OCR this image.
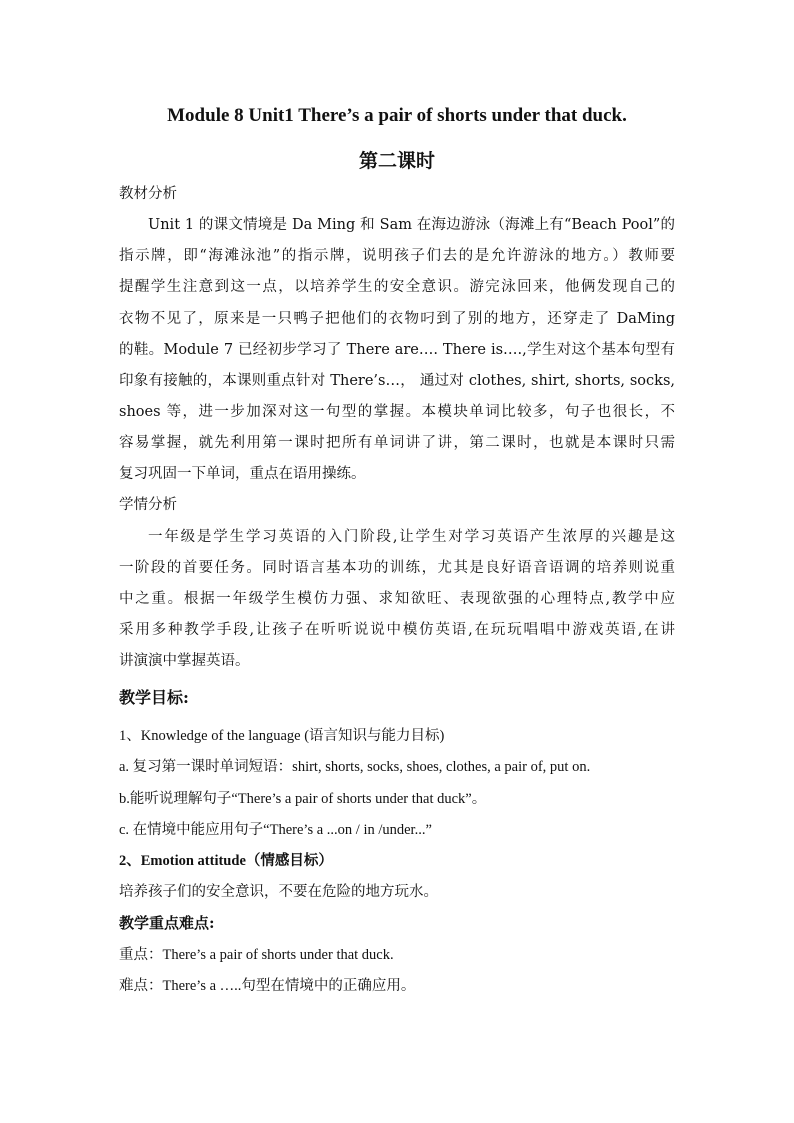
Module 8 Unit1 There’s a pair of shorts under that duck.
第二课时
教材分析
Unit 1 的课文情境是 Da Ming 和 Sam 在海边游泳（海滩上有“Beach Pool”的
指示牌，即“海滩泳池”的指示牌，说明孩子们去的是允许游泳的地方。）教师要
提醒学生注意到这一点，以培养学生的安全意识。游完泳回来，他俩发现自己的
衣物不见了，原来是一只鸭子把他们的衣物叼到了别的地方，还穿走了 DaMing
的鞋。Module 7 已经初步学习了 There are…. There is….,学生对这个基本句型有
印象有接触的，本课则重点针对 There’s…， 通过对 clothes, shirt, shorts, socks,
shoes 等，进一步加深对这一句型的掌握。本模块单词比较多，句子也很长，不
容易掌握，就先利用第一课时把所有单词讲了讲，第二课时，也就是本课时只需
复习巩固一下单词，重点在语用操练。
学情分析
一年级是学生学习英语的入门阶段,让学生对学习英语产生浓厚的兴趣是这
一阶段的首要任务。同时语言基本功的训练，尤其是良好语音语调的培养则说重
中之重。根据一年级学生模仿力强、求知欲旺、表现欲强的心理特点,教学中应
采用多种教学手段,让孩子在听听说说中模仿英语,在玩玩唱唱中游戏英语,在讲
讲演演中掌握英语。
教学目标:
1、Knowledge of the language (语言知识与能力目标)
a. 复习第一课时单词短语：shirt, shorts, socks, shoes, clothes, a pair of, put on.
b.能听说理解句子“There’s a pair of shorts under that duck”。
c. 在情境中能应用句子“There’s a ...on / in /under...”
2、Emotion attitude（情感目标）
培养孩子们的安全意识，不要在危险的地方玩水。
教学重点难点:
重点：There’s a pair of shorts under that duck.
难点：There’s a …..句型在情境中的正确应用。
